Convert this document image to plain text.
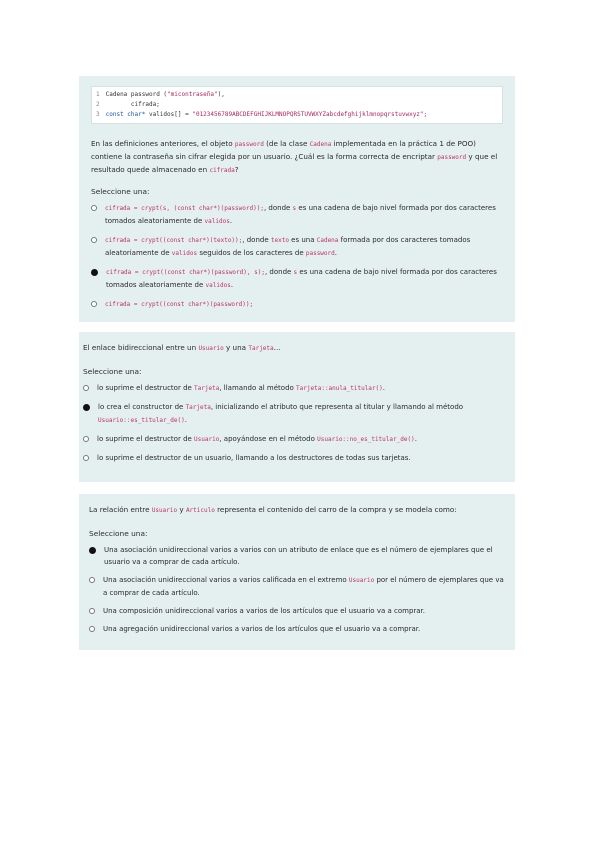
1 Cadena password ("micontraseña"),
2        cifrada;
3 const char* validos[] = "0123456789ABCDEFGHIJKLMNOPQRSTUVWXYZabcdefghijklmnopqrstuvwxyz";

En las definiciones anteriores, el objeto password (de la clase Cadena implementada en la práctica 1 de POO) contiene la contraseña sin cifrar elegida por un usuario. ¿Cuál es la forma correcta de encriptar password y que el resultado quede almacenado en cifrada?

Seleccione una:
cifrada = crypt(s, (const char*)(password));, donde s es una cadena de bajo nivel formada por dos caracteres tomados aleatoriamente de validos.
cifrada = crypt((const char*)(texto));, donde texto es una Cadena formada por dos caracteres tomados aleatoriamente de validos seguidos de los caracteres de password.
cifrada = crypt((const char*)(password), s);, donde s es una cadena de bajo nivel formada por dos caracteres tomados aleatoriamente de validos.
cifrada = crypt((const char*)(password));

El enlace bidireccional entre un Usuario y una Tarjeta...

Seleccione una:
lo suprime el destructor de Tarjeta, llamando al método Tarjeta::anula_titular().
lo crea el constructor de Tarjeta, inicializando el atributo que representa al titular y llamando al método Usuario::es_titular_de().
lo suprime el destructor de Usuario, apoyándose en el método Usuario::no_es_titular_de().
lo suprime el destructor de un usuario, llamando a los destructores de todas sus tarjetas.

La relación entre Usuario y Articulo representa el contenido del carro de la compra y se modela como:

Seleccione una:
Una asociación unidireccional varios a varios con un atributo de enlace que es el número de ejemplares que el usuario va a comprar de cada artículo.
Una asociación unidireccional varios a varios calificada en el extremo Usuario por el número de ejemplares que va a comprar de cada artículo.
Una composición unidireccional varios a varios de los artículos que el usuario va a comprar.
Una agregación unidireccional varios a varios de los artículos que el usuario va a comprar.
